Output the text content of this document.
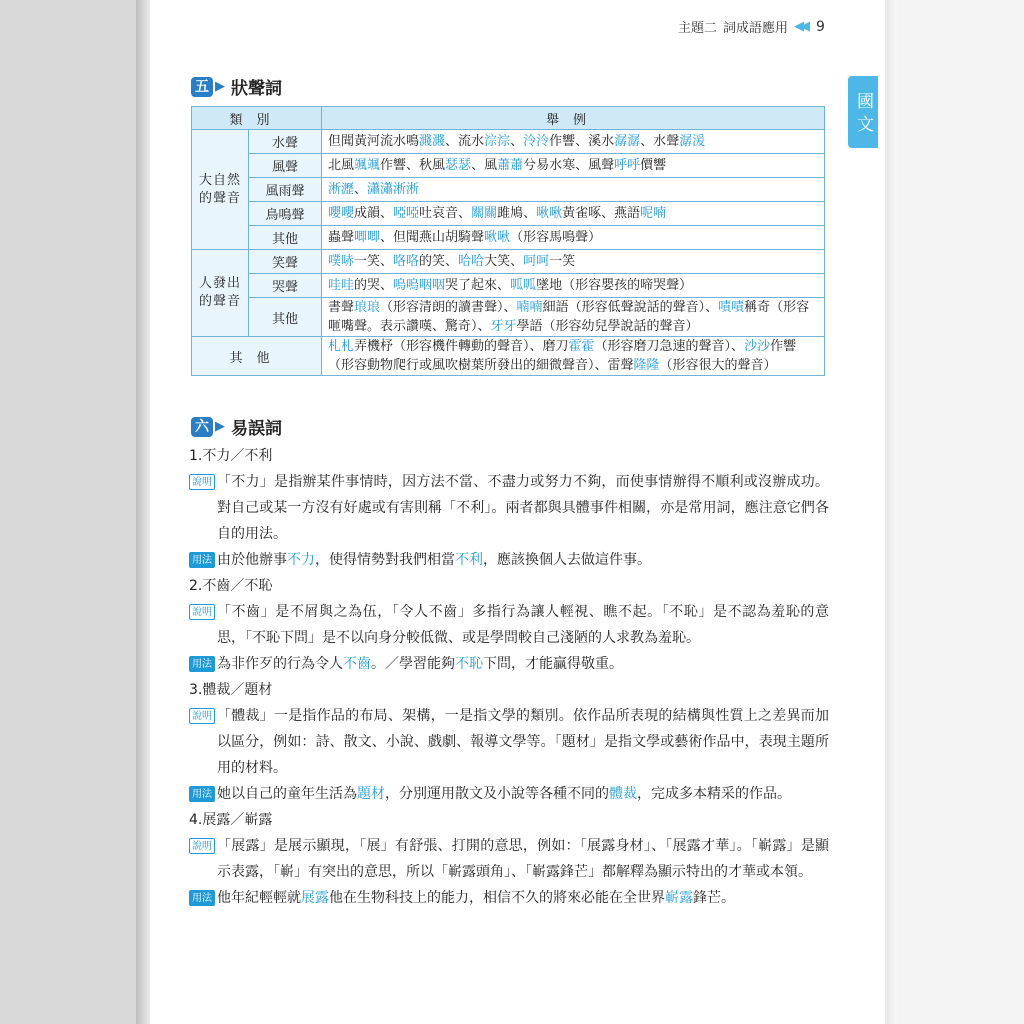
主題二 詞成語應用 ◀◀ 9
國文
五 ▶ 狀聲詞
類別		舉例
大自然的聲音	水聲	但聞黃河流水鳴濺濺、流水淙淙、泠泠作響、溪水潺潺、水聲潺湲
	風聲	北風颯颯作響、秋風瑟瑟、風蕭蕭兮易水寒、風聲呼呼價響
	風雨聲	淅瀝、瀟瀟淅淅
	鳥鳴聲	嚶嚶成韻、啞啞吐哀音、關關雎鳩、啾啾黃雀啄、燕語呢喃
	其他	蟲聲唧唧、但聞燕山胡騎聲啾啾（形容馬鳴聲）
人發出的聲音	笑聲	噗哧一笑、咯咯的笑、哈哈大笑、呵呵一笑
	哭聲	哇哇的哭、嗚嗚咽咽哭了起來、呱呱墜地（形容嬰孩的啼哭聲）
	其他	書聲琅琅（形容清朗的讀書聲）、喃喃細語（形容低聲說話的聲音）、嘖嘖稱奇（形容咂嘴聲。表示讚嘆、驚奇）、牙牙學語（形容幼兒學說話的聲音）
其他		札札弄機杼（形容機件轉動的聲音）、磨刀霍霍（形容磨刀急速的聲音）、沙沙作響（形容動物爬行或風吹樹葉所發出的細微聲音）、雷聲隆隆（形容很大的聲音）
六 ▶ 易誤詞
1.不力／不利
說明 「不力」是指辦某件事情時，因方法不當、不盡力或努力不夠，而使事情辦得不順利或沒辦成功。對自己或某一方沒有好處或有害則稱「不利」。兩者都與具體事件相關，亦是常用詞，應注意它們各自的用法。
用法 由於他辦事不力，使得情勢對我們相當不利，應該換個人去做這件事。
2.不齒／不恥
說明 「不齒」是不屑與之為伍，「令人不齒」多指行為讓人輕視、瞧不起。「不恥」是不認為羞恥的意思，「不恥下問」是不以向身分較低微、或是學問較自己淺陋的人求教為羞恥。
用法 為非作歹的行為令人不齒。／學習能夠不恥下問，才能贏得敬重。
3.體裁／題材
說明 「體裁」一是指作品的布局、架構，一是指文學的類別。依作品所表現的結構與性質上之差異而加以區分，例如：詩、散文、小說、戲劇、報導文學等。「題材」是指文學或藝術作品中，表現主題所用的材料。
用法 她以自己的童年生活為題材，分別運用散文及小說等各種不同的體裁，完成多本精采的作品。
4.展露／嶄露
說明 「展露」是展示顯現，「展」有舒張、打開的意思，例如：「展露身材」、「展露才華」。「嶄露」是顯示表露，「嶄」有突出的意思，所以「嶄露頭角」、「嶄露鋒芒」都解釋為顯示特出的才華或本領。
用法 他年紀輕輕就展露他在生物科技上的能力，相信不久的將來必能在全世界嶄露鋒芒。
